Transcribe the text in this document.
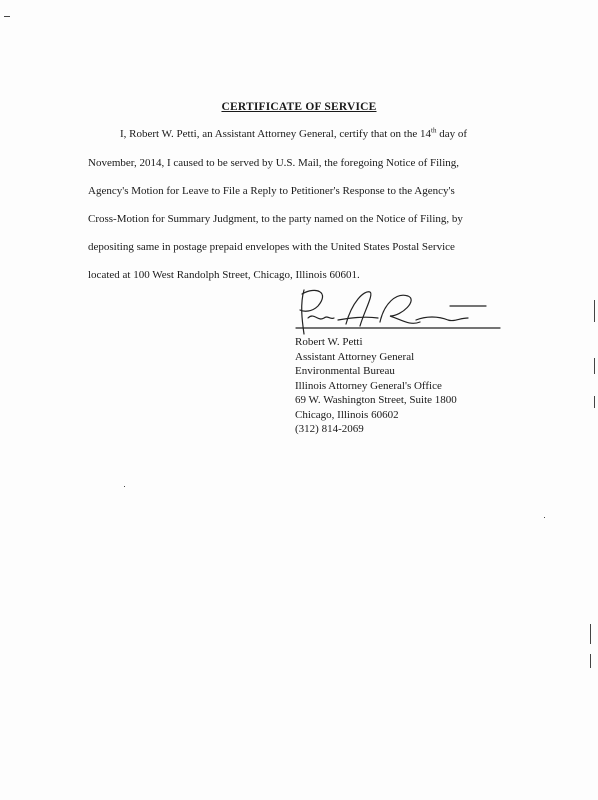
CERTIFICATE OF SERVICE
I, Robert W. Petti, an Assistant Attorney General, certify that on the 14th day of
November, 2014, I caused to be served by U.S. Mail, the foregoing Notice of Filing,
Agency's Motion for Leave to File a Reply to Petitioner's Response to the Agency's
Cross-Motion for Summary Judgment, to the party named on the Notice of Filing, by
depositing same in postage prepaid envelopes with the United States Postal Service
located at 100 West Randolph Street, Chicago, Illinois 60601.
Robert W. Petti
Assistant Attorney General
Environmental Bureau
Illinois Attorney General's Office
69 W. Washington Street, Suite 1800
Chicago, Illinois 60602
(312) 814-2069
